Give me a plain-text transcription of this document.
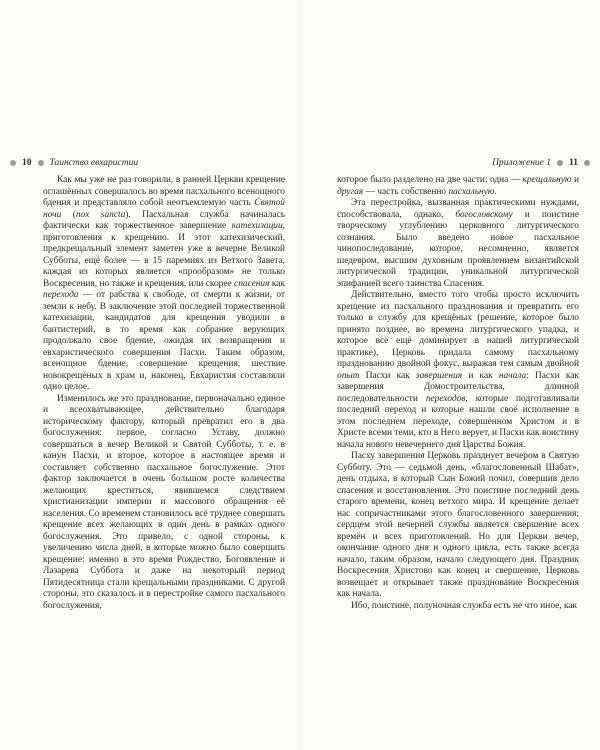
10 Таинство евхаристии	Приложение 1 11

Как мы уже не раз говорили, в ранней Церкви крещение оглашённых совершалось во время пасхального всенощного бдения и представляло собой неотъемлемую часть Святой ночи (nox sancta). Пасхальная служба начиналась фактически как торжественное завершение катехизации, приготовления к крещению. И этот катехизический, предкрещальный элемент заметен уже в вечерне Великой Субботы, ещё более — в 15 паремиях из Ветхого Завета, каждая из которых является «прообразом» не только Воскресения, но также и крещения, или скорее спасения как перехода — от рабства к свободе, от смерти к жизни, от земли к небу. В заключение этой последней торжественной катехизации, кандидатов для крещения уводили в баптистерий, в то время как собрание верующих продолжало свое бдение, ожидая их возвращения и евхаристического совершения Пасхи. Таким образом, всенощное бдение, совершение крещения, шествие новокрещёных в храм и, наконец, Евхаристия составляли одно целое.

Изменилось же это празднование, первоначально единое и всеохватывающее, действительно благодаря историческому фактору, который превратил его в два богослужения: первое, согласно Уставу, должно совершаться в вечер Великой и Святой Субботы, т. е. в канун Пасхи, и второе, которое в настоящее время и составляет собственно пасхальное богослужение. Этот фактор заключается в очень большом росте количества желающих креститься, явившемся следствием христианизации империи и массового обращения её населения. Со временем становилось всё труднее совершать крещение всех желающих в один день в рамках одного богослужения. Это привело, с одной стороны, к увеличению числа дней, в которые можно было совершать крещение: именно в это время Рождество, Богоявление и Лазарева Суббота и даже на некоторый период Пятидесятница стали крещальными праздниками. С другой стороны, это сказалось и в перестройке самого пасхального богослужения,

которое было разделено на две части: одна — крещальную и другая — часть собственно пасхальную.

Эта перестройка, вызванная практическими нуждами, способствовала, однако, богословскому и поистине творческому углублению церковного литургического сознания. Было введено новое пасхальное чинопоследование, которое, несомненно, является шедевром, высшим духовным проявлением византийской литургической традиции, уникальной литургической эпифанией всего таинства Спасения.

Действительно, вместо того чтобы просто исключить крещение из пасхального празднования и превратить его только в службу для крещёных (решение, которое было принято позднее, во времена литургического упадка, и которое всё ещё доминирует в нашей литургической практике), Церковь придала самому пасхальному празднованию двойной фокус, выражая тем самым двойной опыт Пасхи как завершения и как начала: Пасхи как завершения Домостроительства, длинной последовательности переходов, которые подготавливали последний переход и которые нашли своё исполнение в этом последнем переходе, совершённом Христом и в Христе всеми теми, кто в Него верует, и Пасхи как воистину начала нового невечернего дня Царства Божия.

Пасху завершения Церковь празднует вечером в Святую Субботу. Это — седьмой день, «благословенный Шабат», день отдыха, в который Сын Божий почил, совершив дело спасения и восстановления. Это поистине последний день старого времени, конец ветхого мира. И крещение делает нас сопричастниками этого благословенного завершения; сердцем этой вечерней службы является свершение всех времён и всех приготовлений. Но для Церкви вечер, окончание одного дня и одного цикла, есть также всегда начало, таким образом, начало следующего дня. Праздник Воскресения Христово как конец и свершение, Церковь возвещает и открывает также празднование Воскресения как начала.

Ибо, поистине, полуночная служба есть не что иное, как
